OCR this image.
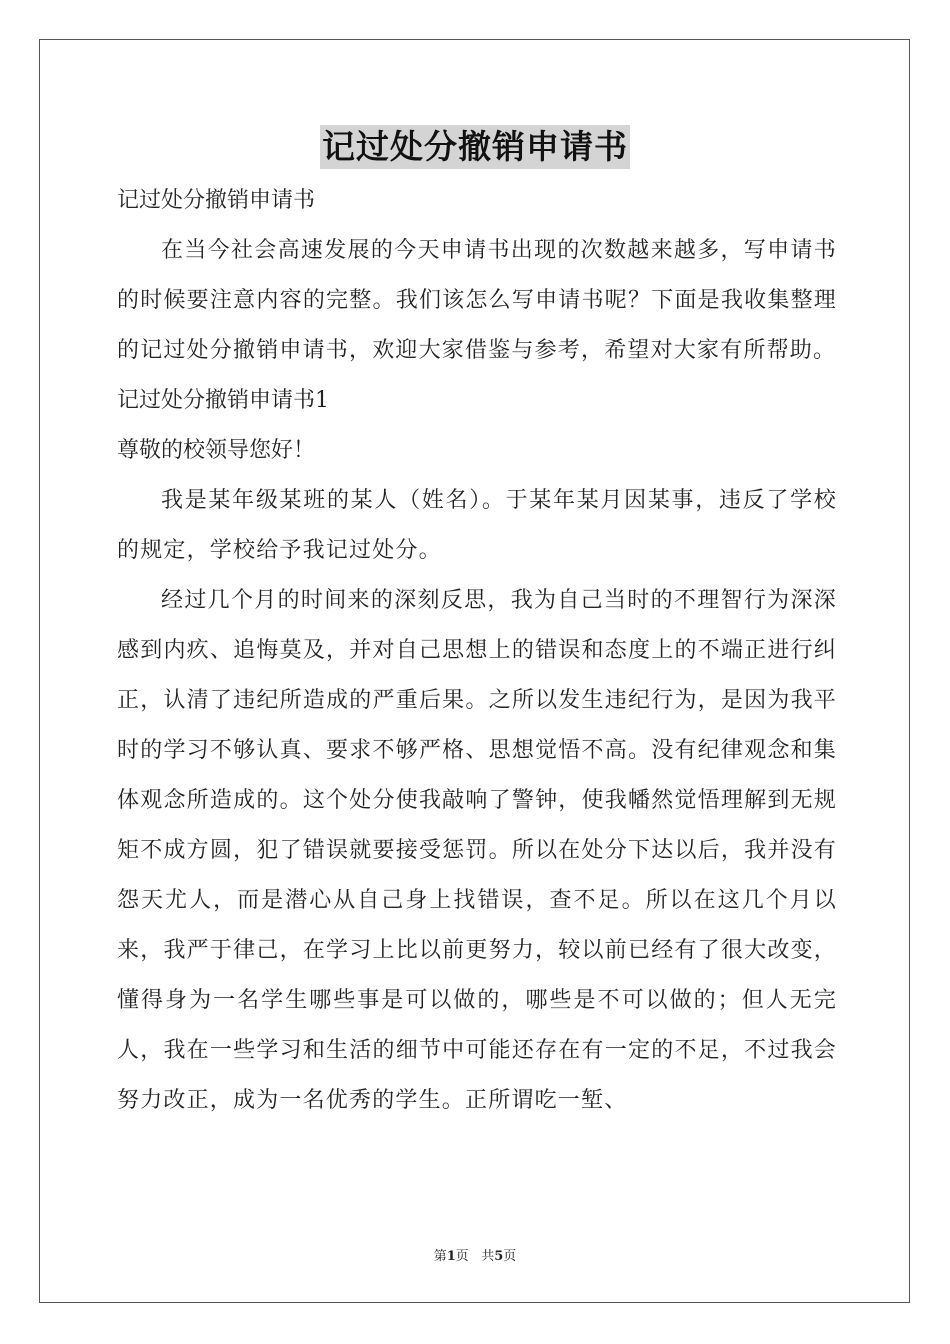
记过处分撤销申请书
记过处分撤销申请书
在当今社会高速发展的今天申请书出现的次数越来越多，写申请书的时候要注意内容的完整。我们该怎么写申请书呢？下面是我收集整理的记过处分撤销申请书，欢迎大家借鉴与参考，希望对大家有所帮助。
记过处分撤销申请书1
尊敬的校领导您好！
我是某年级某班的某人（姓名）。于某年某月因某事，违反了学校的规定，学校给予我记过处分。
经过几个月的时间来的深刻反思，我为自己当时的不理智行为深深感到内疚、追悔莫及，并对自己思想上的错误和态度上的不端正进行纠正，认清了违纪所造成的严重后果。之所以发生违纪行为，是因为我平时的学习不够认真、要求不够严格、思想觉悟不高。没有纪律观念和集体观念所造成的。这个处分使我敲响了警钟，使我幡然觉悟理解到无规矩不成方圆，犯了错误就要接受惩罚。所以在处分下达以后，我并没有怨天尤人，而是潜心从自己身上找错误，查不足。所以在这几个月以来，我严于律己，在学习上比以前更努力，较以前已经有了很大改变，懂得身为一名学生哪些事是可以做的，哪些是不可以做的；但人无完人，我在一些学习和生活的细节中可能还存在有一定的不足，不过我会努力改正，成为一名优秀的学生。正所谓吃一堑、
第1页 共5页
